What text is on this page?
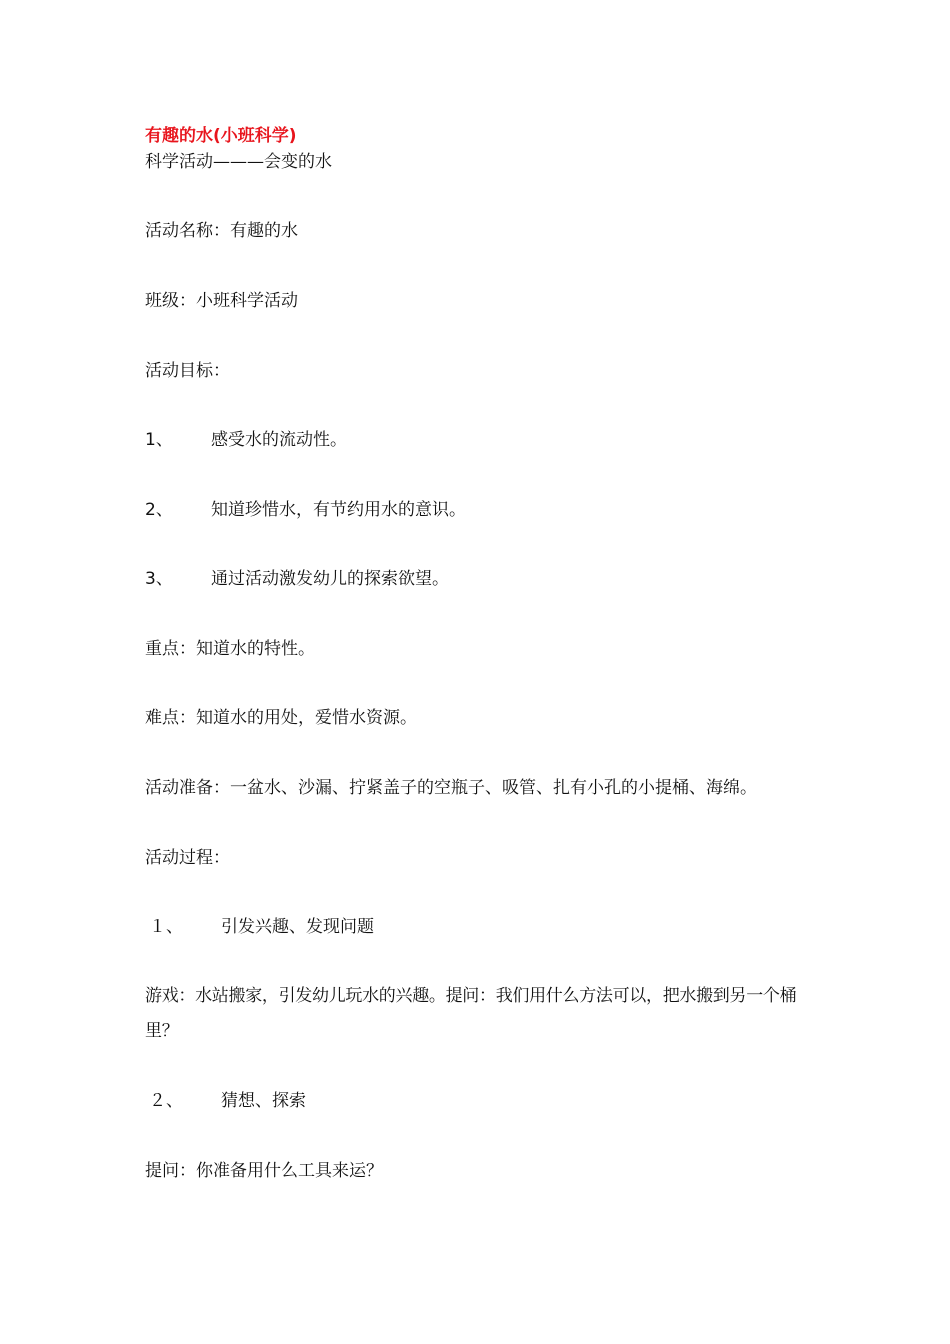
有趣的水(小班科学)
科学活动———会变的水
活动名称：有趣的水
班级：小班科学活动
活动目标：
1、 感受水的流动性。
2、 知道珍惜水，有节约用水的意识。
3、 通过活动激发幼儿的探索欲望。
重点：知道水的特性。
难点：知道水的用处，爱惜水资源。
活动准备：一盆水、沙漏、拧紧盖子的空瓶子、吸管、扎有小孔的小提桶、海绵。
活动过程：
１、 引发兴趣、发现问题
游戏：水站搬家，引发幼儿玩水的兴趣。提问：我们用什么方法可以，把水搬到另一个桶里？
２、 猜想、探索
提问：你准备用什么工具来运？
